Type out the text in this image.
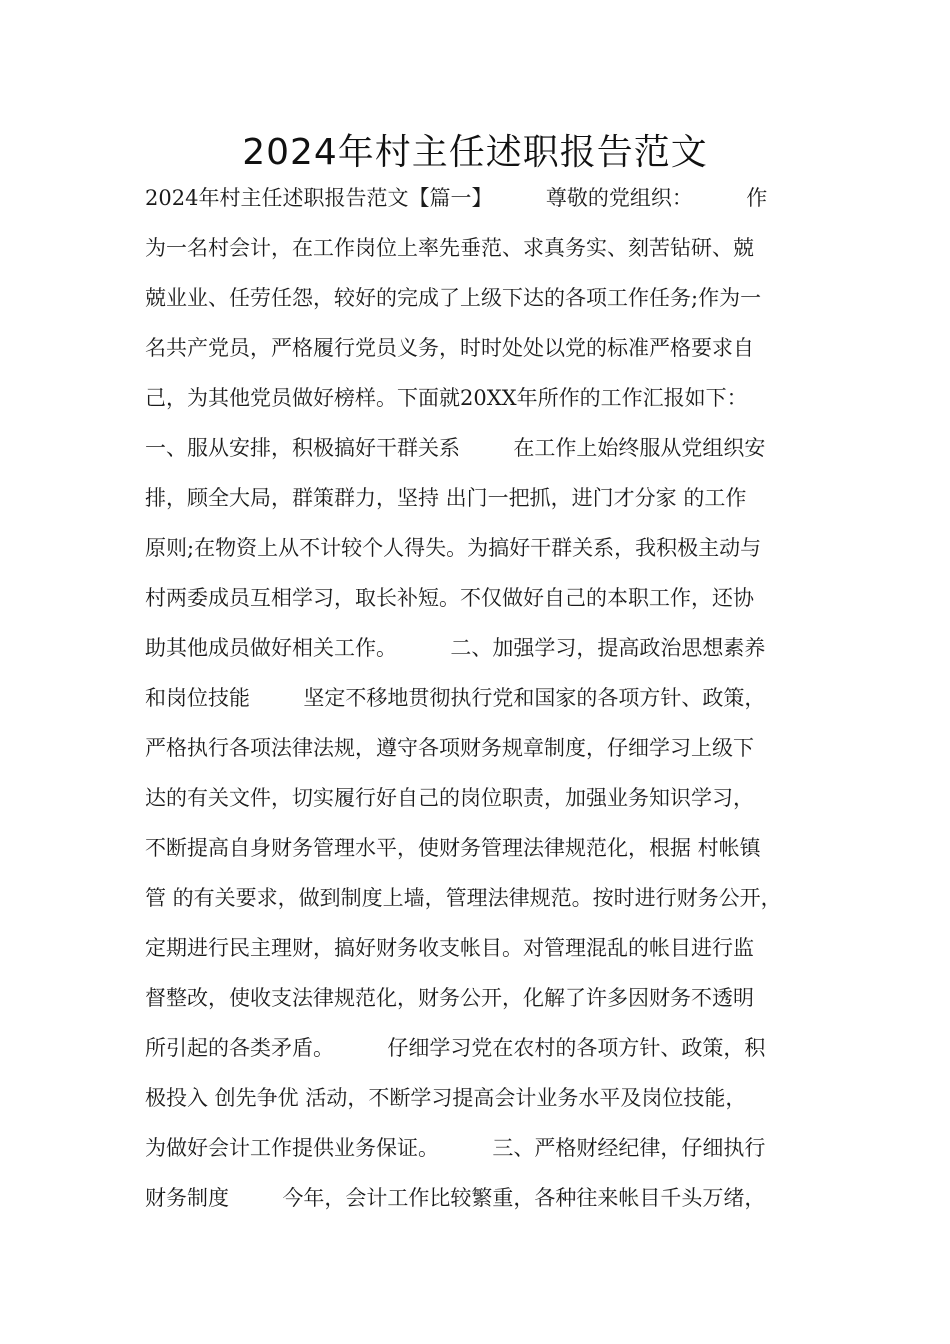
2024年村主任述职报告范文
2024年村主任述职报告范文【篇一】        尊敬的党组织：        作
为一名村会计，在工作岗位上率先垂范、求真务实、刻苦钻研、兢
兢业业、任劳任怨，较好的完成了上级下达的各项工作任务;作为一
名共产党员，严格履行党员义务，时时处处以党的标准严格要求自
己，为其他党员做好榜样。下面就20XX年所作的工作汇报如下：
一、服从安排，积极搞好干群关系        在工作上始终服从党组织安
排，顾全大局，群策群力，坚持 出门一把抓，进门才分家 的工作
原则;在物资上从不计较个人得失。为搞好干群关系，我积极主动与
村两委成员互相学习，取长补短。不仅做好自己的本职工作，还协
助其他成员做好相关工作。        二、加强学习，提高政治思想素养
和岗位技能        坚定不移地贯彻执行党和国家的各项方针、政策，
严格执行各项法律法规，遵守各项财务规章制度，仔细学习上级下
达的有关文件，切实履行好自己的岗位职责，加强业务知识学习，
不断提高自身财务管理水平，使财务管理法律规范化，根据 村帐镇
管 的有关要求，做到制度上墙，管理法律规范。按时进行财务公开，
定期进行民主理财，搞好财务收支帐目。对管理混乱的帐目进行监
督整改，使收支法律规范化，财务公开，化解了许多因财务不透明
所引起的各类矛盾。        仔细学习党在农村的各项方针、政策，积
极投入 创先争优 活动，不断学习提高会计业务水平及岗位技能，
为做好会计工作提供业务保证。        三、严格财经纪律，仔细执行
财务制度        今年，会计工作比较繁重，各种往来帐目千头万绪，
